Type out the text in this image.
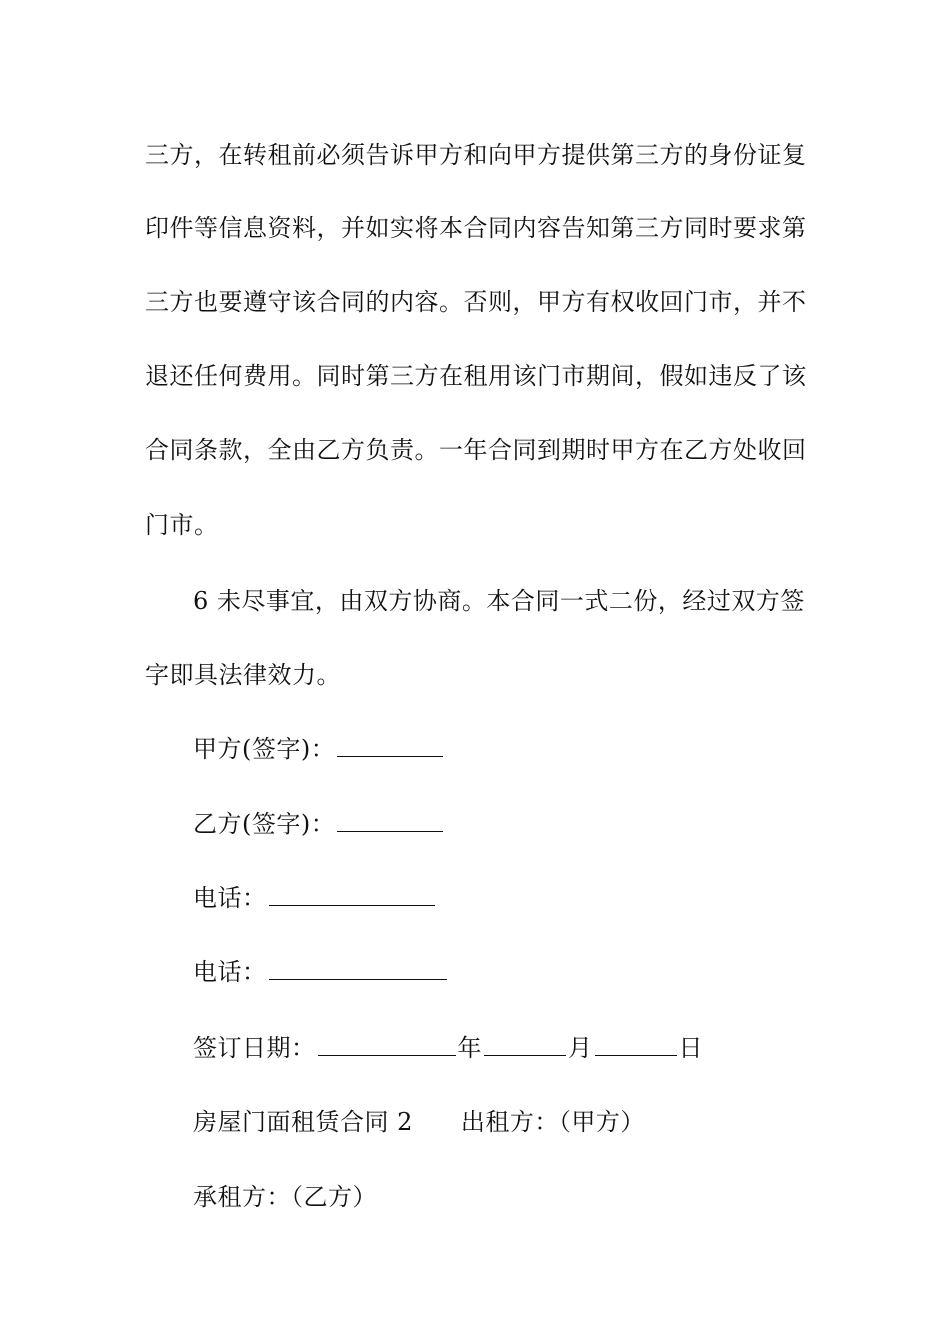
三方，在转租前必须告诉甲方和向甲方提供第三方的身份证复
印件等信息资料，并如实将本合同内容告知第三方同时要求第
三方也要遵守该合同的内容。否则，甲方有权收回门市，并不
退还任何费用。同时第三方在租用该门市期间，假如违反了该
合同条款，全由乙方负责。一年合同到期时甲方在乙方处收回
门市。
6 未尽事宜，由双方协商。本合同一式二份，经过双方签
字即具法律效力。
甲方(签字)：
乙方(签字)：
电话：
电话：
签订日期：	年	月	日
房屋门面租赁合同 2 出租方：（甲方）
承租方：（乙方）
